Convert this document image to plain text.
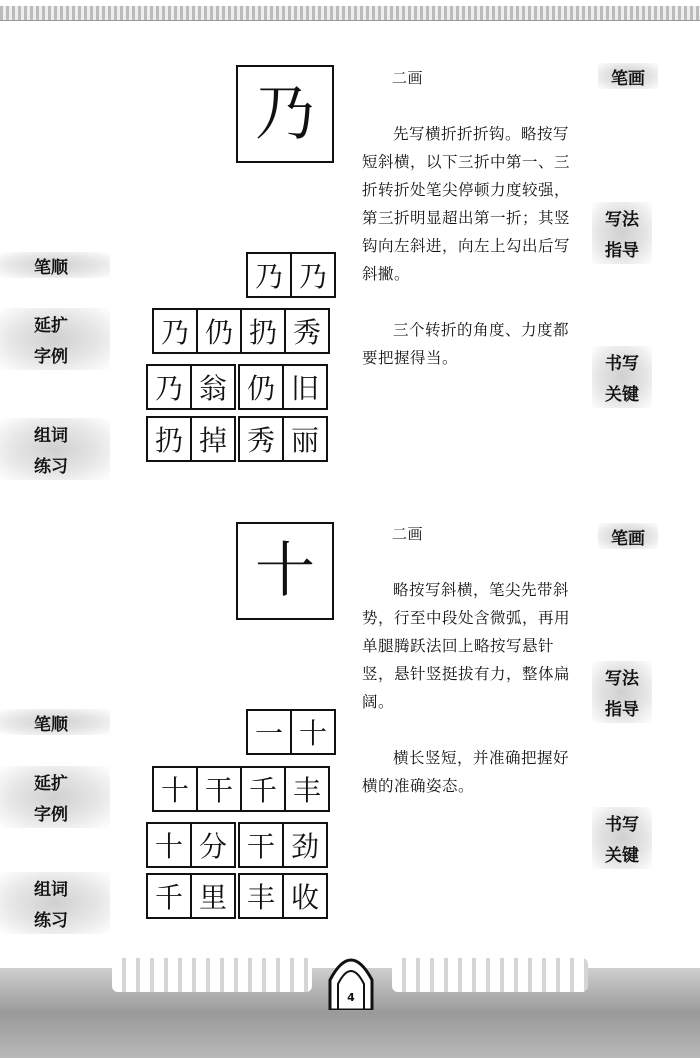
乃
笔画
写法
指导
书写
关键
笔顺
延扩
字例
组词
练习
乃 乃
乃 仍 扔 秀
乃 翁 仍 旧
扔 掉 秀 丽
二画

先写横折折折钩。略按写短斜横，以下三折中第一、三折转折处笔尖停顿力度较强，第三折明显超出第一折；其竖钩向左斜进，向左上勾出后写斜撇。

三个转折的角度、力度都要把握得当。

十	笔画
写法
指导
书写
关键
笔顺
延扩
字例
组词
练习
一 十
十 干 千 丰
十 分 干 劲
千 里 丰 收
二画

略按写斜横，笔尖先带斜势，行至中段处含微弧，再用单腿腾跃法回上略按写悬针竖，悬针竖挺拔有力，整体扁阔。

横长竖短，并准确把握好横的准确姿态。

4
